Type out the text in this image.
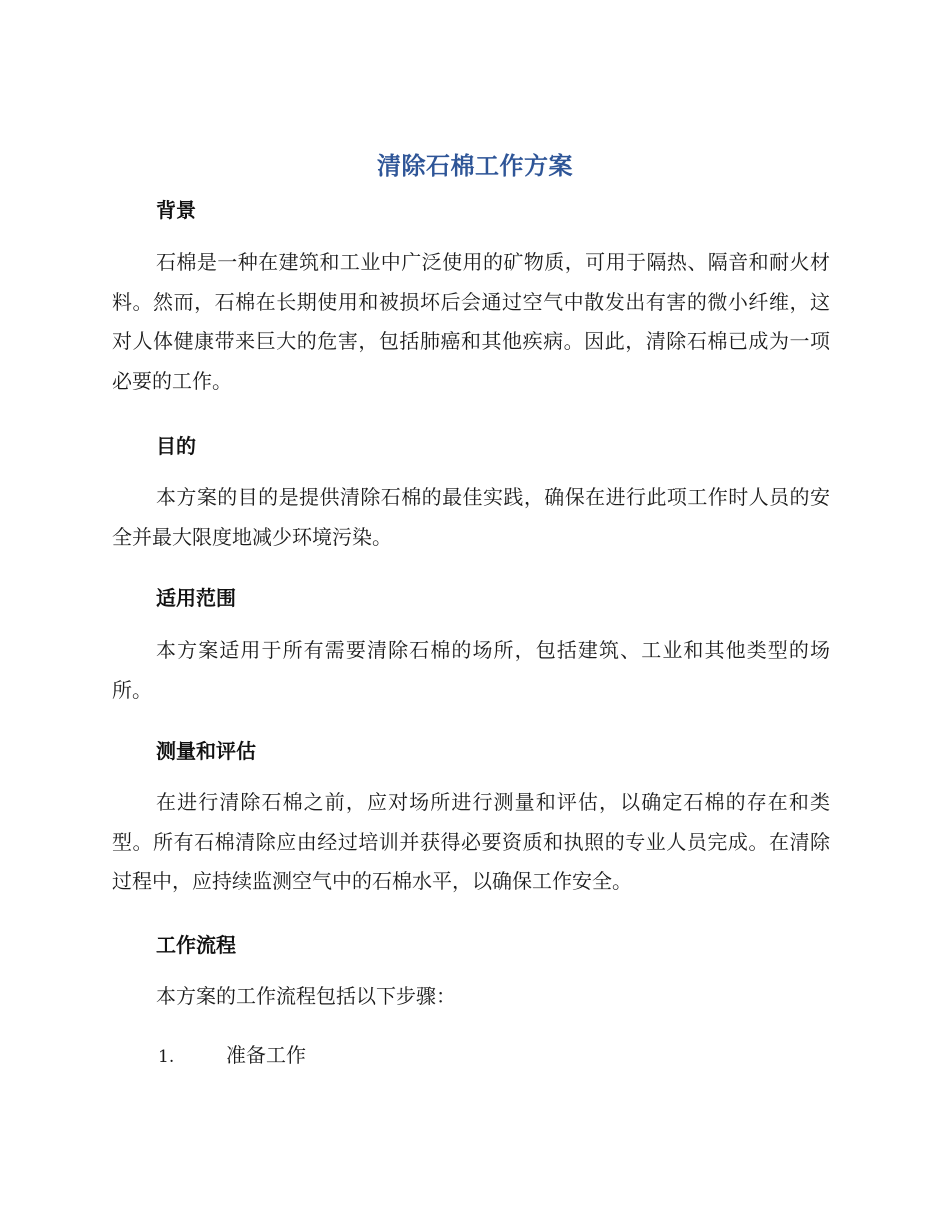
清除石棉工作方案
背景
石棉是一种在建筑和工业中广泛使用的矿物质，可用于隔热、隔音和耐火材料。然而，石棉在长期使用和被损坏后会通过空气中散发出有害的微小纤维，这对人体健康带来巨大的危害，包括肺癌和其他疾病。因此，清除石棉已成为一项必要的工作。
目的
本方案的目的是提供清除石棉的最佳实践，确保在进行此项工作时人员的安全并最大限度地减少环境污染。
适用范围
本方案适用于所有需要清除石棉的场所，包括建筑、工业和其他类型的场所。
测量和评估
在进行清除石棉之前，应对场所进行测量和评估，以确定石棉的存在和类型。所有石棉清除应由经过培训并获得必要资质和执照的专业人员完成。在清除过程中，应持续监测空气中的石棉水平，以确保工作安全。
工作流程
本方案的工作流程包括以下步骤：
1.	准备工作
